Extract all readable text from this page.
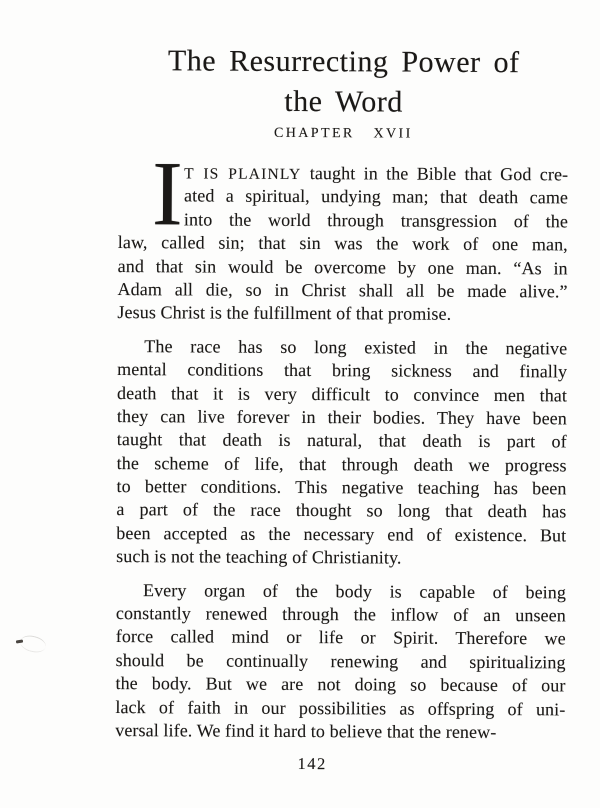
The Resurrecting Power of
the Word
CHAPTER XVII
I T IS PLAINLY taught in the Bible that God cre-
ated a spiritual, undying man; that death came
into the world through transgression of the
law, called sin; that sin was the work of one man,
and that sin would be overcome by one man. “As in
Adam all die, so in Christ shall all be made alive.”
Jesus Christ is the fulfillment of that promise.
The race has so long existed in the negative
mental conditions that bring sickness and finally
death that it is very difficult to convince men that
they can live forever in their bodies. They have been
taught that death is natural, that death is part of
the scheme of life, that through death we progress
to better conditions. This negative teaching has been
a part of the race thought so long that death has
been accepted as the necessary end of existence. But
such is not the teaching of Christianity.
Every organ of the body is capable of being
constantly renewed through the inflow of an unseen
force called mind or life or Spirit. Therefore we
should be continually renewing and spiritualizing
the body. But we are not doing so because of our
lack of faith in our possibilities as offspring of uni-
versal life. We find it hard to believe that the renew-
142
